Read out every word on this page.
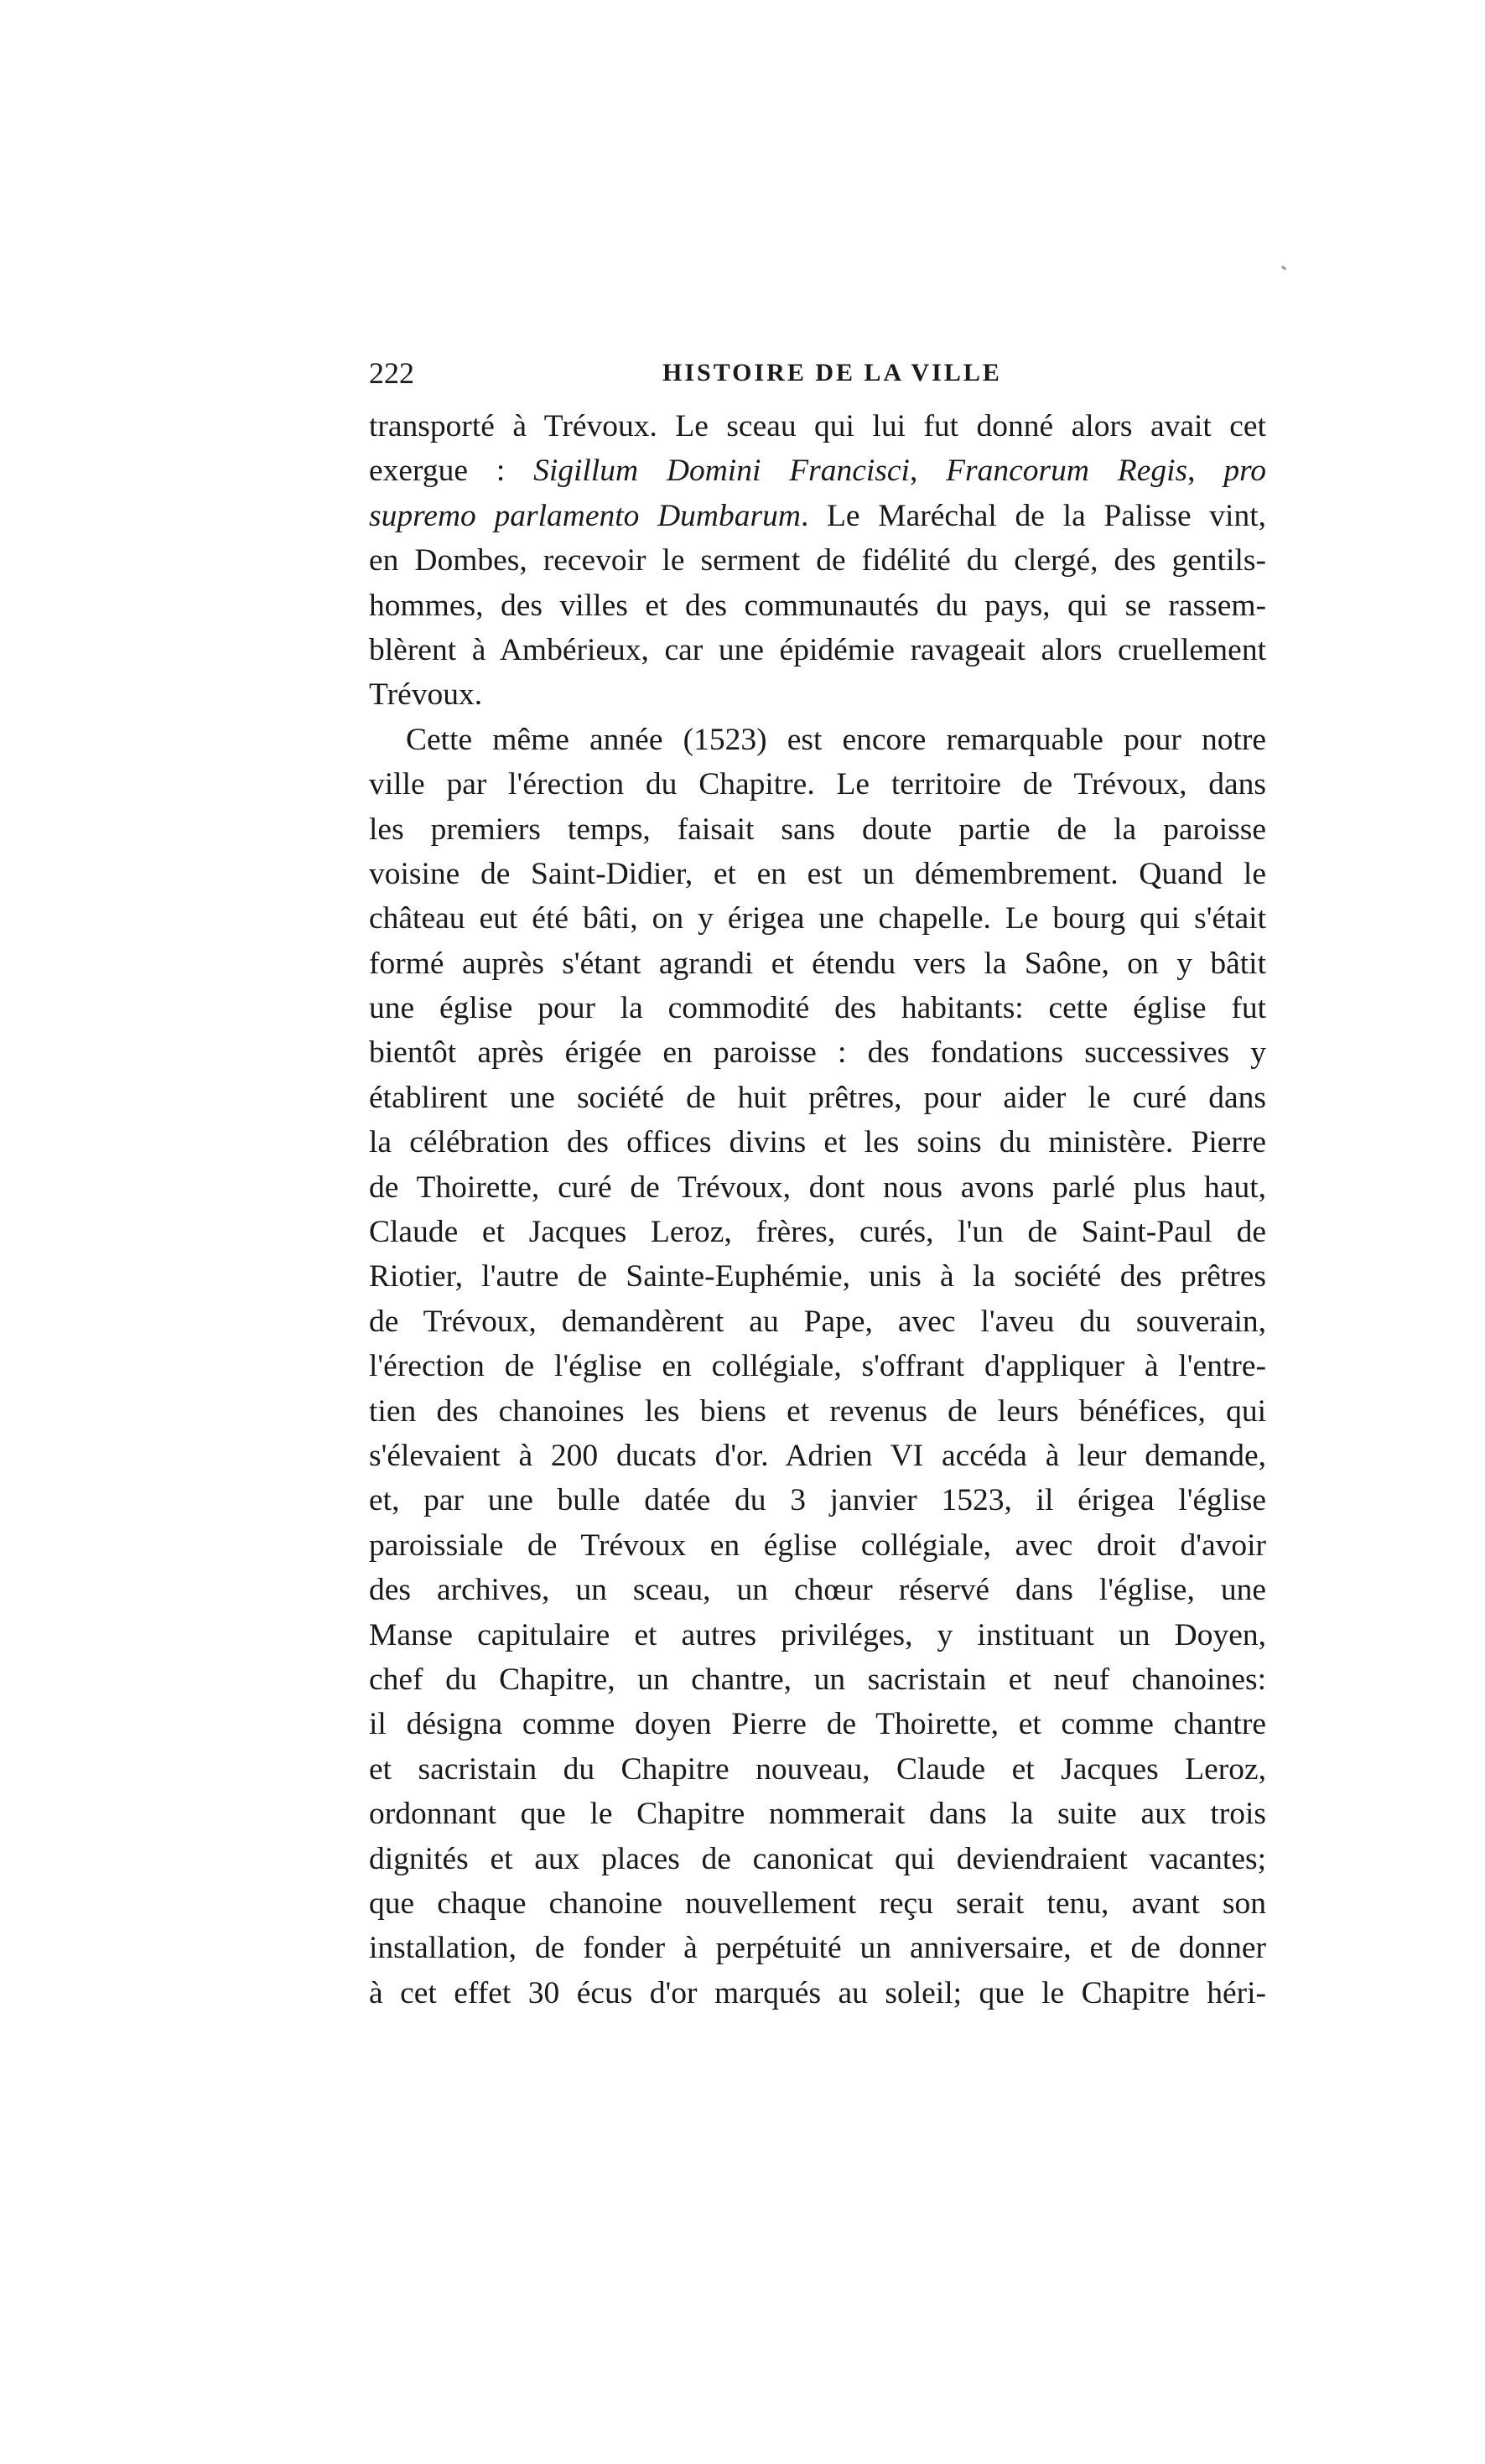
222	HISTOIRE DE LA VILLE
transporté à Trévoux. Le sceau qui lui fut donné alors avait cet
exergue : Sigillum Domini Francisci, Francorum Regis, pro
supremo parlamento Dumbarum. Le Maréchal de la Palisse vint,
en Dombes, recevoir le serment de fidélité du clergé, des gentils-
hommes, des villes et des communautés du pays, qui se rassem-
blèrent à Ambérieux, car une épidémie ravageait alors cruellement
Trévoux.
Cette même année (1523) est encore remarquable pour notre
ville par l'érection du Chapitre. Le territoire de Trévoux, dans
les premiers temps, faisait sans doute partie de la paroisse
voisine de Saint-Didier, et en est un démembrement. Quand le
château eut été bâti, on y érigea une chapelle. Le bourg qui s'était
formé auprès s'étant agrandi et étendu vers la Saône, on y bâtit
une église pour la commodité des habitants: cette église fut
bientôt après érigée en paroisse : des fondations successives y
établirent une société de huit prêtres, pour aider le curé dans
la célébration des offices divins et les soins du ministère. Pierre
de Thoirette, curé de Trévoux, dont nous avons parlé plus haut,
Claude et Jacques Leroz, frères, curés, l'un de Saint-Paul de
Riotier, l'autre de Sainte-Euphémie, unis à la société des prêtres
de Trévoux, demandèrent au Pape, avec l'aveu du souverain,
l'érection de l'église en collégiale, s'offrant d'appliquer à l'entre-
tien des chanoines les biens et revenus de leurs bénéfices, qui
s'élevaient à 200 ducats d'or. Adrien VI accéda à leur demande,
et, par une bulle datée du 3 janvier 1523, il érigea l'église
paroissiale de Trévoux en église collégiale, avec droit d'avoir
des archives, un sceau, un chœur réservé dans l'église, une
Manse capitulaire et autres priviléges, y instituant un Doyen,
chef du Chapitre, un chantre, un sacristain et neuf chanoines:
il désigna comme doyen Pierre de Thoirette, et comme chantre
et sacristain du Chapitre nouveau, Claude et Jacques Leroz,
ordonnant que le Chapitre nommerait dans la suite aux trois
dignités et aux places de canonicat qui deviendraient vacantes;
que chaque chanoine nouvellement reçu serait tenu, avant son
installation, de fonder à perpétuité un anniversaire, et de donner
à cet effet 30 écus d'or marqués au soleil; que le Chapitre héri-
